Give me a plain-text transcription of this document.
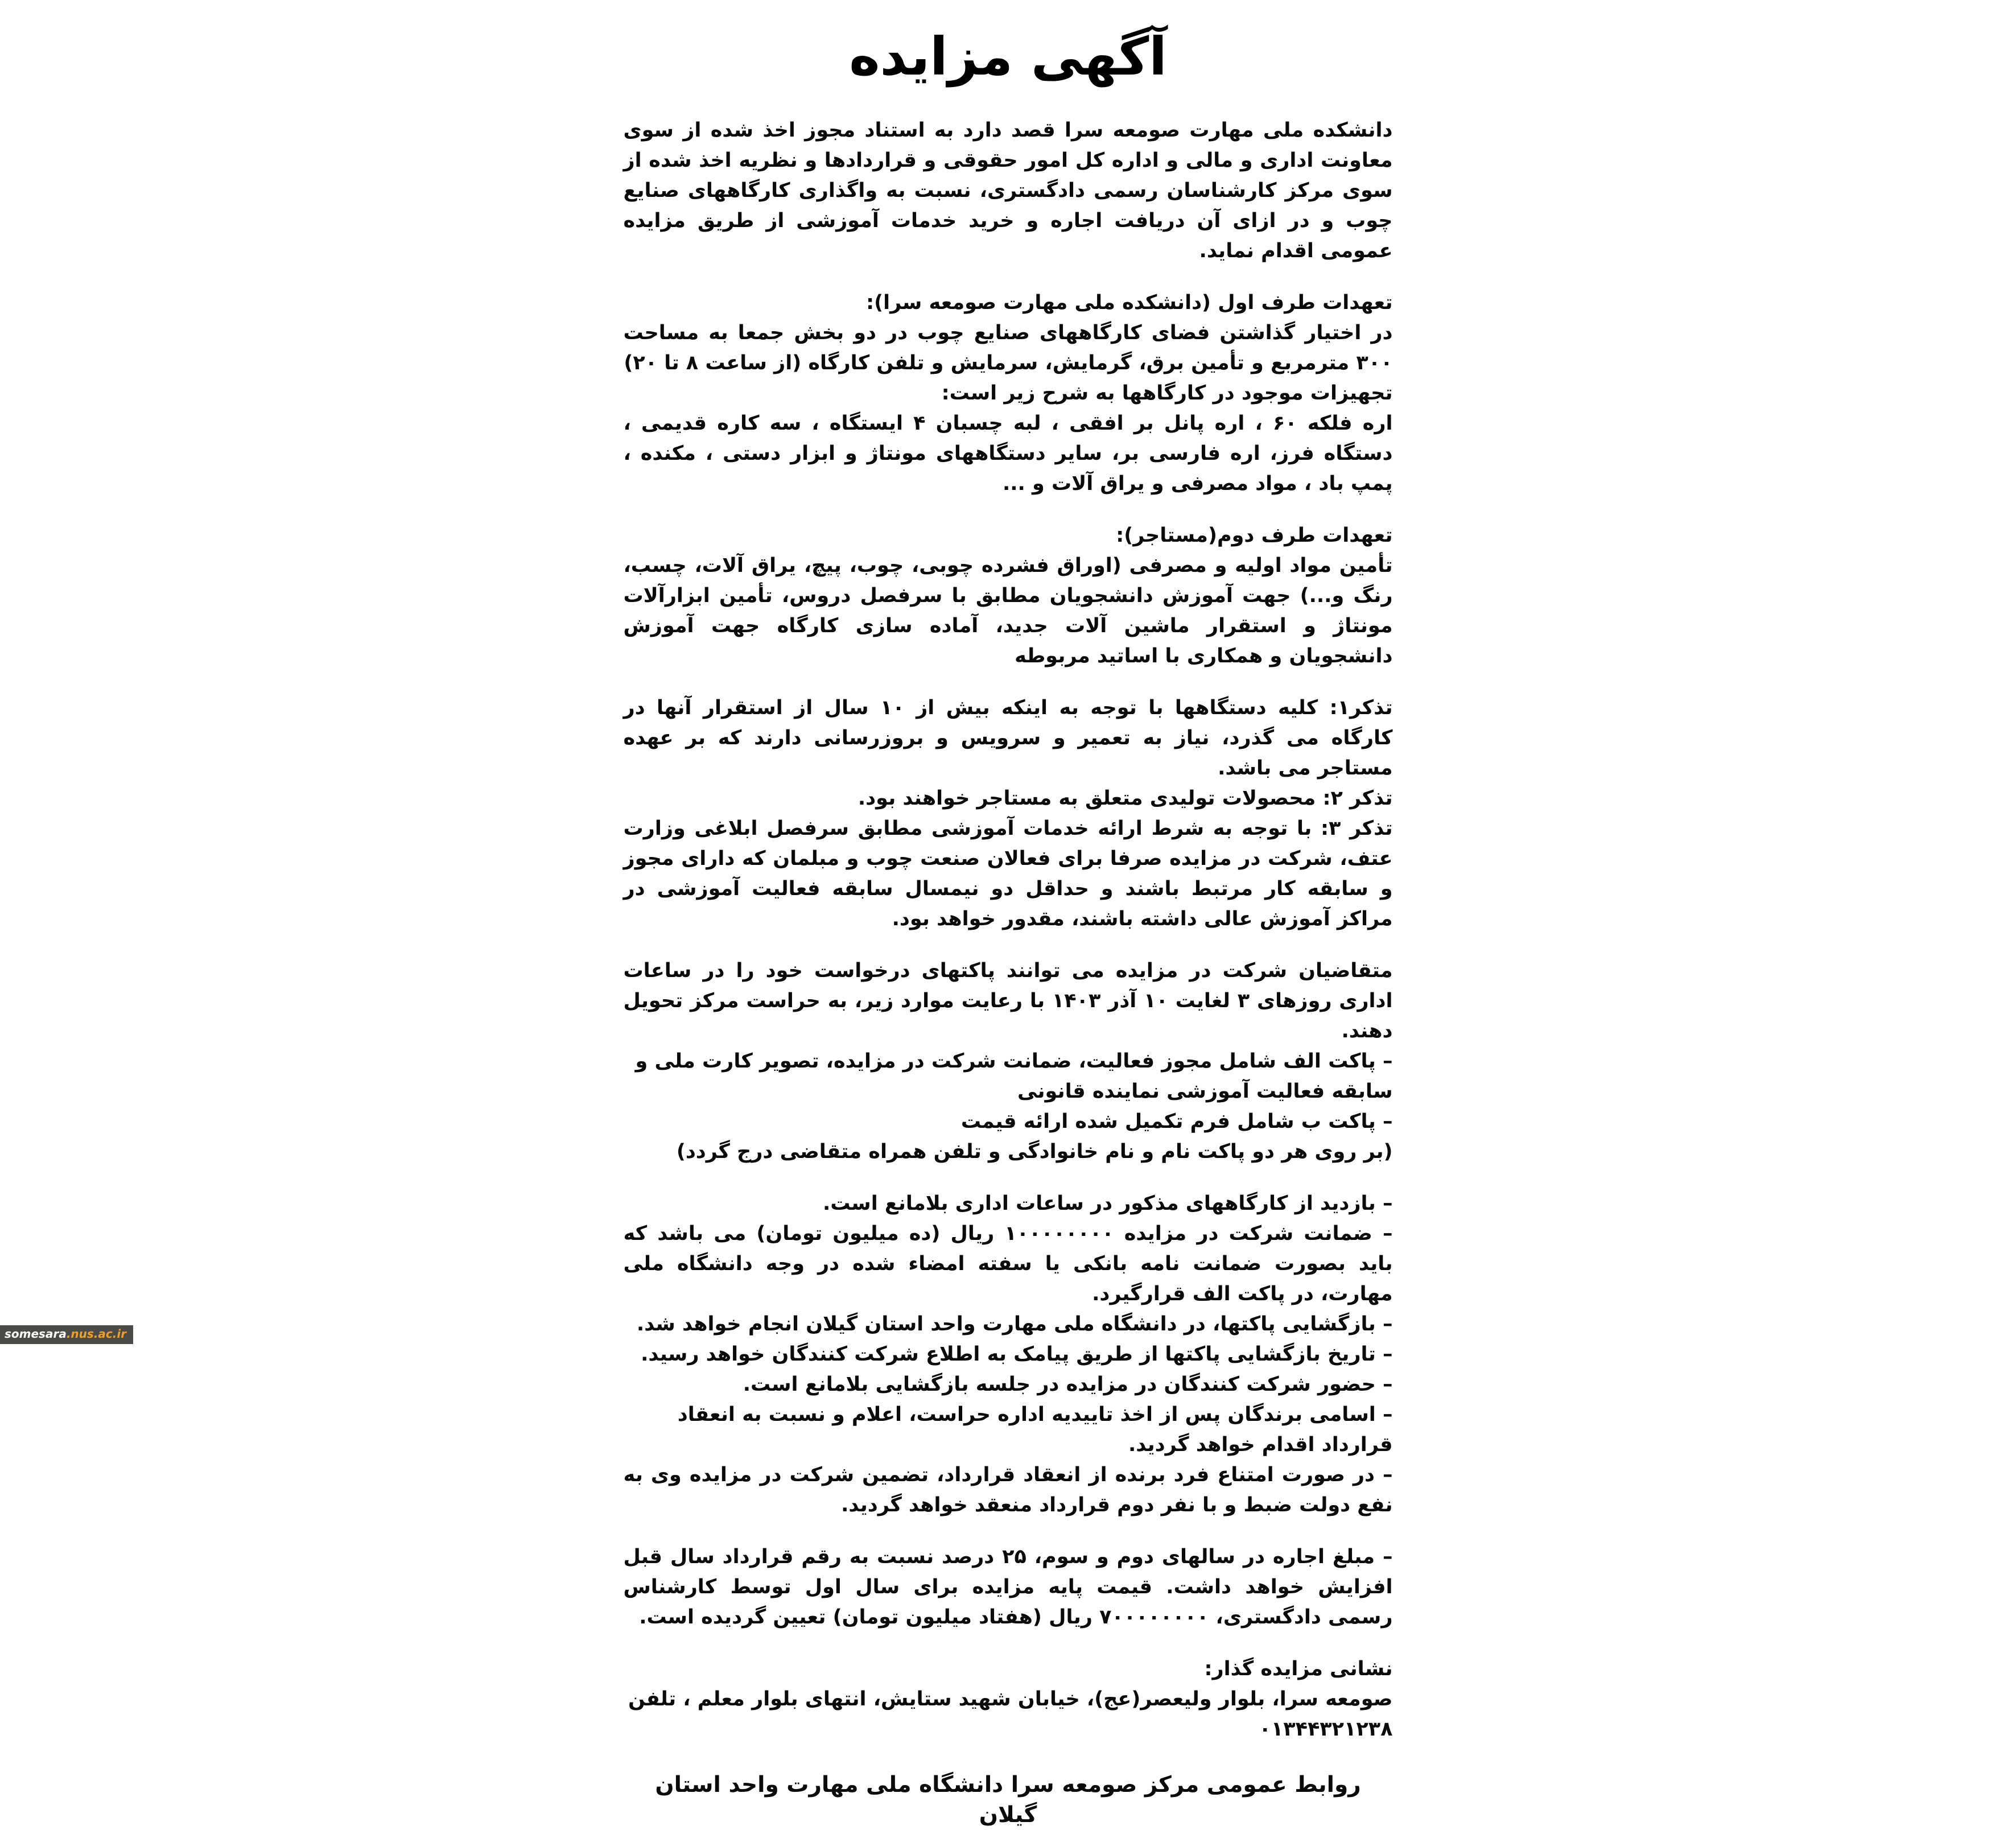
آگهی مزایده
دانشکده ملی مهارت صومعه سرا قصد دارد به استناد مجوز اخذ شده از سوی معاونت اداری و مالی و اداره کل امور حقوقی و قراردادها و نظریه اخذ شده از سوی مرکز کارشناسان رسمی دادگستری، نسبت به واگذاری کارگاههای صنایع چوب و در ازای آن دریافت اجاره و خرید خدمات آموزشی از طریق مزایده عمومی اقدام نماید.
تعهدات طرف اول (دانشکده ملی مهارت صومعه سرا):
در اختیار گذاشتن فضای کارگاههای صنایع چوب در دو بخش جمعا به مساحت ۳۰۰ مترمربع و تأمین برق، گرمایش، سرمایش و تلفن کارگاه (از ساعت ۸ تا ۲۰)
تجهیزات موجود در کارگاهها به شرح زیر است:
اره فلکه ۶۰ ، اره پانل بر افقی ، لبه چسبان ۴ ایستگاه ، سه کاره قدیمی ، دستگاه فرز، اره فارسی بر، سایر دستگاههای مونتاژ و ابزار دستی ، مکنده ، پمپ باد ، مواد مصرفی و یراق آلات و ...
تعهدات طرف دوم(مستاجر):
تأمین مواد اولیه و مصرفی (اوراق فشرده چوبی، چوب، پیچ، یراق آلات، چسب، رنگ و...) جهت آموزش دانشجویان مطابق با سرفصل دروس، تأمین ابزارآلات مونتاژ و استقرار ماشین آلات جدید، آماده سازی کارگاه جهت آموزش دانشجویان و همکاری با اساتید مربوطه
تذکر۱: کلیه دستگاهها با توجه به اینکه بیش از ۱۰ سال از استقرار آنها در کارگاه می گذرد، نیاز به تعمیر و سرویس و بروزرسانی دارند که بر عهده مستاجر می باشد.
تذکر ۲: محصولات تولیدی متعلق به مستاجر خواهند بود.
تذکر ۳: با توجه به شرط ارائه خدمات آموزشی مطابق سرفصل ابلاغی وزارت عتف، شرکت در مزایده صرفا برای فعالان صنعت چوب و مبلمان که دارای مجوز و سابقه کار مرتبط باشند و حداقل دو نیمسال سابقه فعالیت آموزشی در مراکز آموزش عالی داشته باشند، مقدور خواهد بود.
متقاضیان شرکت در مزایده می توانند پاکتهای درخواست خود را در ساعات اداری روزهای ۳ لغایت ۱۰ آذر ۱۴۰۳ با رعایت موارد زیر، به حراست مرکز تحویل دهند.
– پاکت الف شامل مجوز فعالیت، ضمانت شرکت در مزایده، تصویر کارت ملی و سابقه فعالیت آموزشی نماینده قانونی
– پاکت ب شامل فرم تکمیل شده ارائه قیمت
(بر روی هر دو پاکت نام و نام خانوادگی و تلفن همراه متقاضی درج گردد)
– بازدید از کارگاههای مذکور در ساعات اداری بلامانع است.
– ضمانت شرکت در مزایده ۱۰۰۰۰۰۰۰۰ ریال (ده میلیون تومان) می باشد که باید بصورت ضمانت نامه بانکی یا سفته امضاء شده در وجه دانشگاه ملی مهارت، در پاکت الف قرارگیرد.
– بازگشایی پاکتها، در دانشگاه ملی مهارت واحد استان گیلان انجام خواهد شد.
– تاریخ بازگشایی پاکتها از طریق پیامک به اطلاع شرکت کنندگان خواهد رسید.
– حضور شرکت کنندگان در مزایده در جلسه بازگشایی بلامانع است.
– اسامی برندگان پس از اخذ تاییدیه اداره حراست، اعلام و نسبت به انعقاد قرارداد اقدام خواهد گردید.
– در صورت امتناع فرد برنده از انعقاد قرارداد، تضمین شرکت در مزایده وی به نفع دولت ضبط و با نفر دوم قرارداد منعقد خواهد گردید.
– مبلغ اجاره در سالهای دوم و سوم، ۲۵ درصد نسبت به رقم قرارداد سال قبل افزایش خواهد داشت. قیمت پایه مزایده برای سال اول توسط کارشناس رسمی دادگستری، ۷۰۰۰۰۰۰۰۰ ریال (هفتاد میلیون تومان) تعیین گردیده است.
نشانی مزایده گذار:
صومعه سرا، بلوار ولیعصر(عج)، خیابان شهید ستایش، انتهای بلوار معلم ، تلفن ۰۱۳۴۴۳۲۱۲۳۸
روابط عمومی مرکز صومعه سرا دانشگاه ملی مهارت واحد استان گیلان
somesara .nus.ac.ir
